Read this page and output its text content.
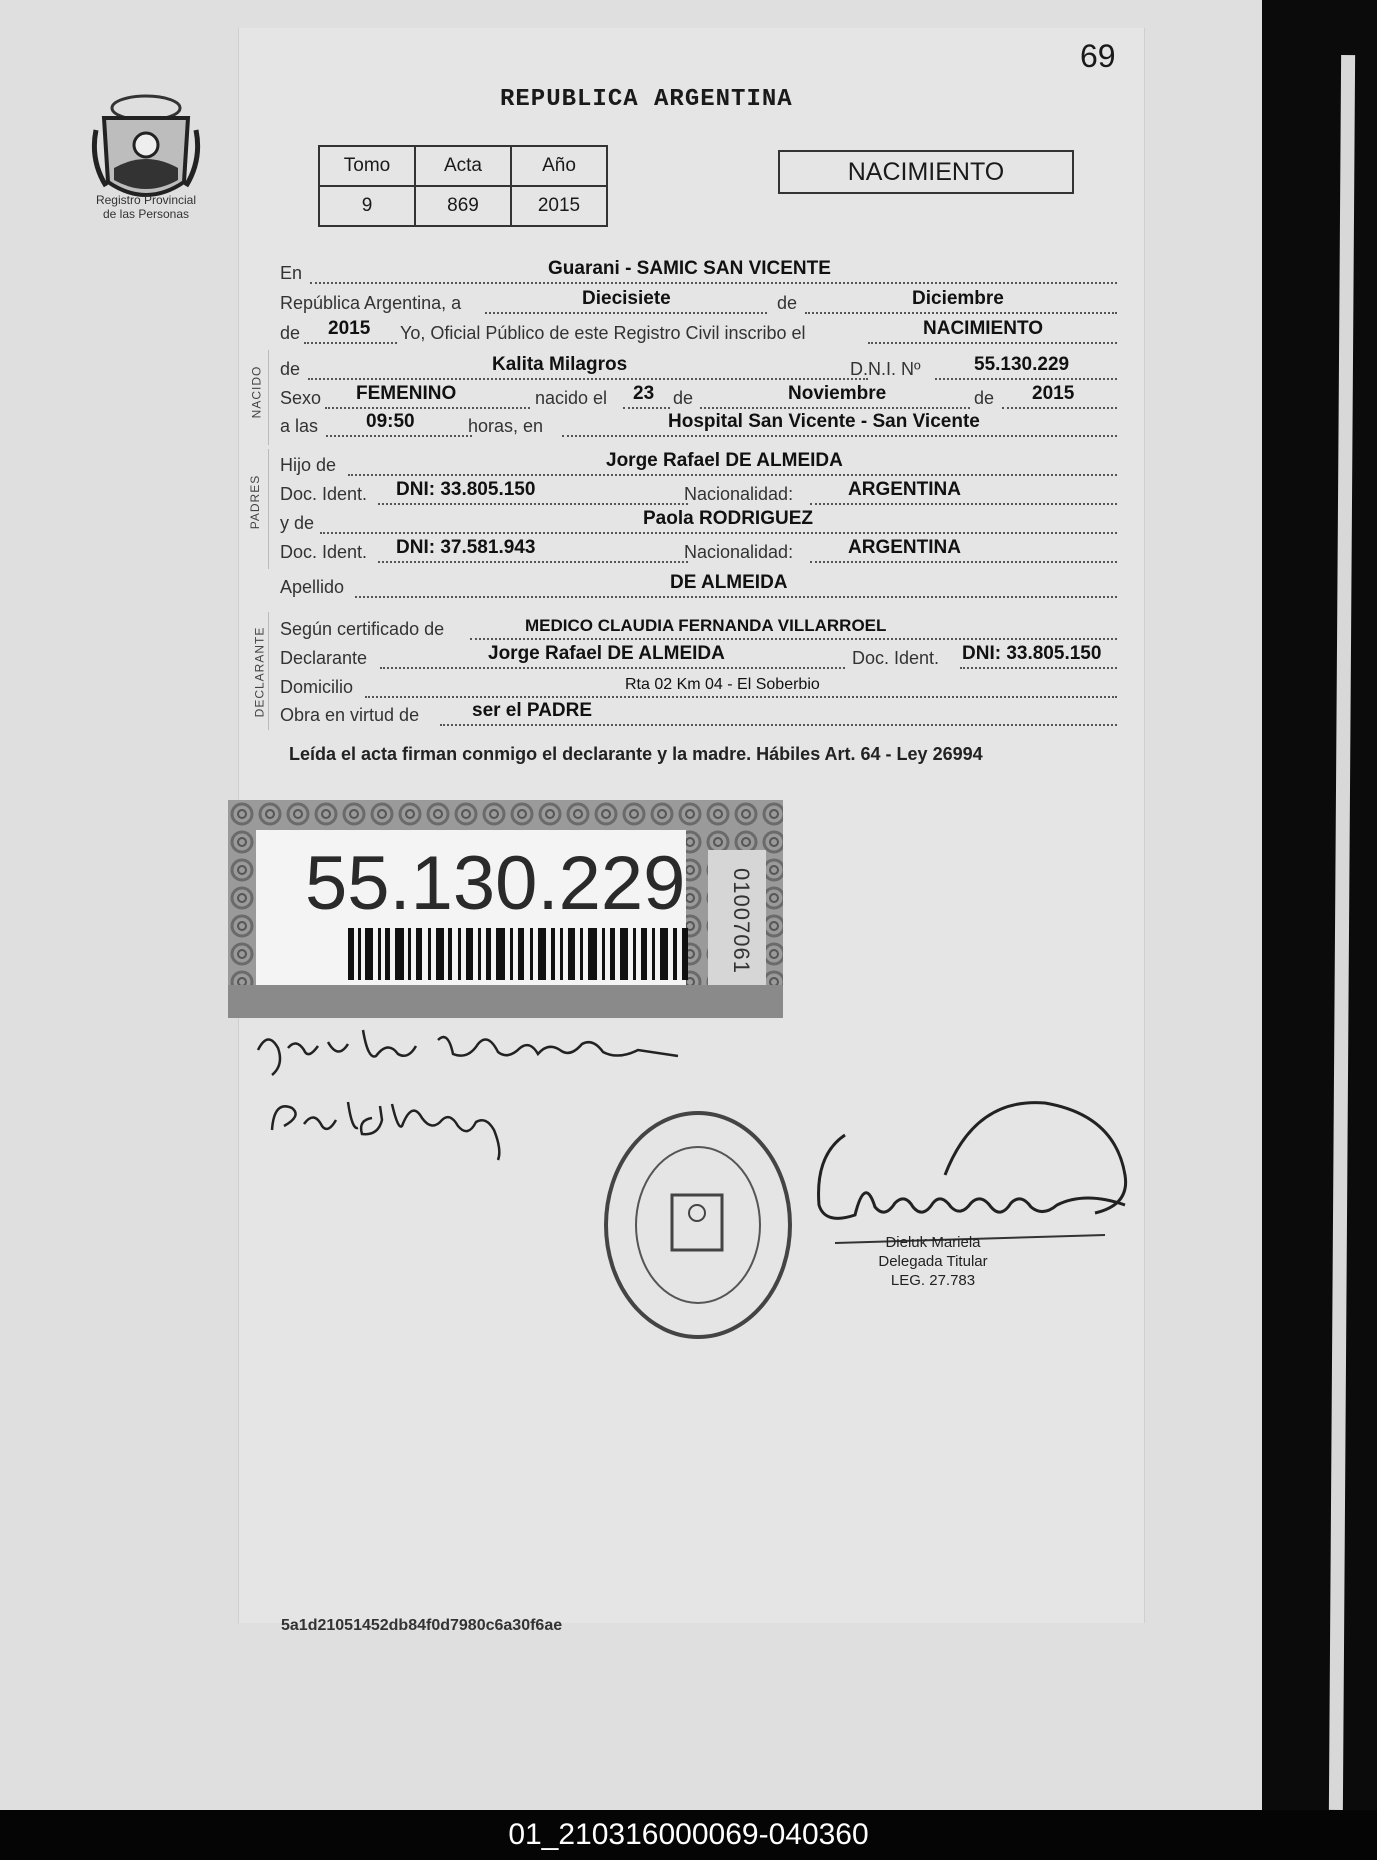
69
Registro Provincial
de las Personas
REPUBLICA ARGENTINA
Tomo	Acta	Año
9	869	2015
NACIMIENTO
En	Guarani - SAMIC SAN VICENTE
República Argentina, a	Diecisiete	de	Diciembre
de 2015 Yo, Oficial Público de este Registro Civil inscribo el	NACIMIENTO
NACIDO de	Kalita Milagros	D.N.I. Nº	55.130.229
Sexo FEMENINO	nacido el 23 de	Noviembre	de 2015
a las	09:50	horas, en	Hospital San Vicente - San Vicente
PADRES
Hijo de	Jorge Rafael DE ALMEIDA
Doc. Ident. DNI: 33.805.150	Nacionalidad:	ARGENTINA
y de	Paola RODRIGUEZ
Doc. Ident. DNI: 37.581.943	Nacionalidad:	ARGENTINA
Apellido	DE ALMEIDA
DECLARANTE Según certificado de	MEDICO CLAUDIA FERNANDA VILLARROEL
Declarante	Jorge Rafael DE ALMEIDA	Doc. Ident. DNI: 33.805.150
Domicilio	Rta 02 Km 04 - El Soberbio
Obra en virtud de	ser el PADRE
Leída el acta firman conmigo el declarante y la madre. Hábiles Art. 64 - Ley 26994
55.130.229 01007061
Dieluk Mariela
Delegada Titular
LEG. 27.783
5a1d21051452db84f0d7980c6a30f6ae
01_210316000069-040360
